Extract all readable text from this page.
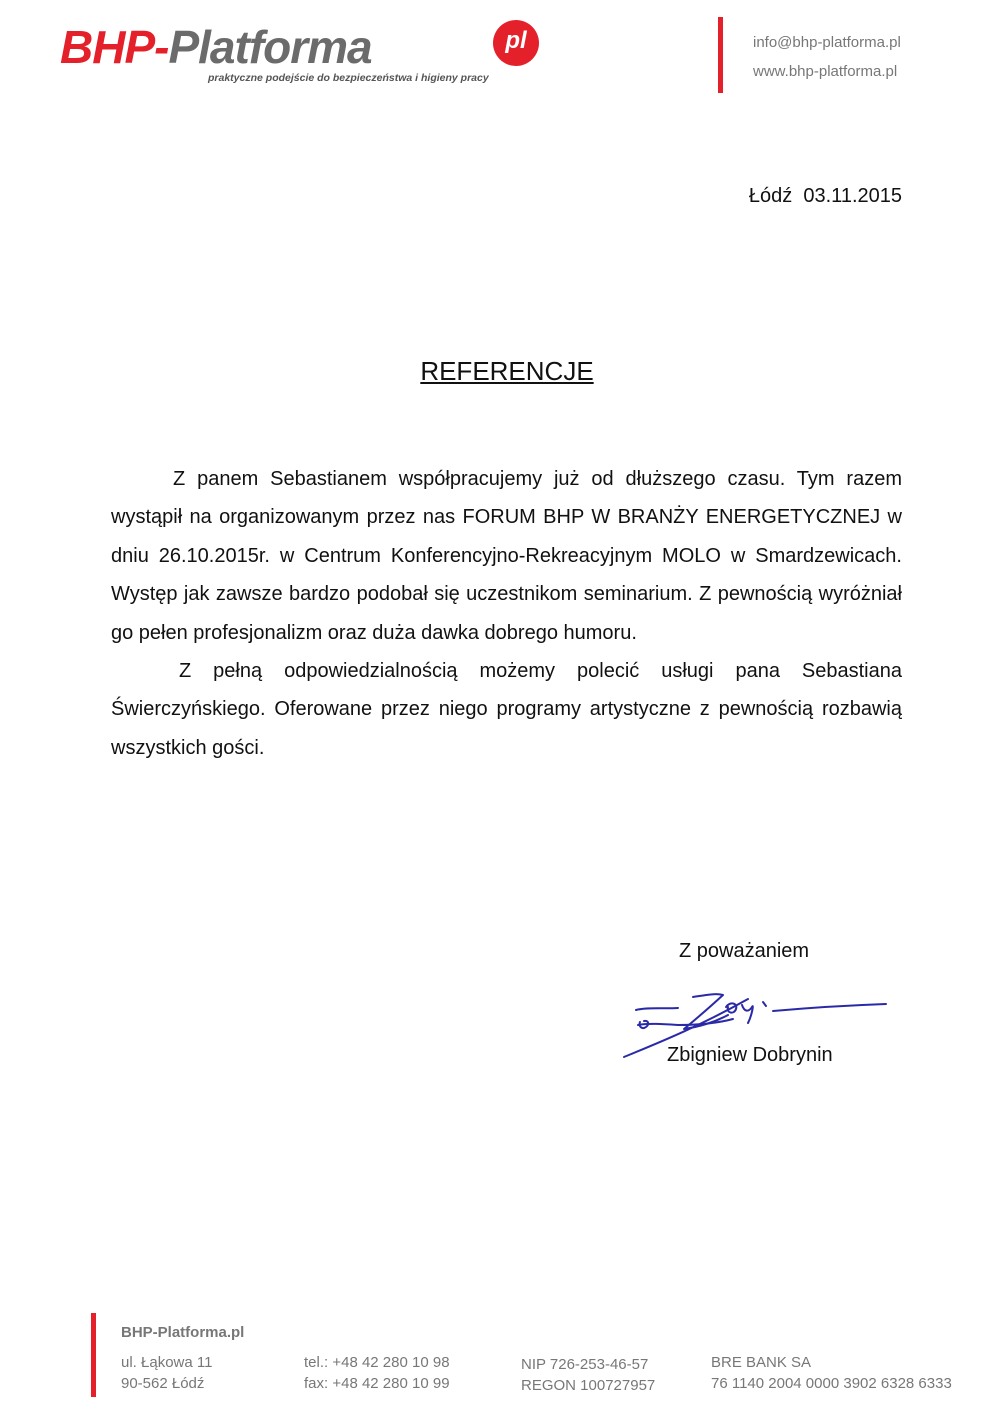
BHP-Platforma	pl
praktyczne podejście do bezpieczeństwa i higieny pracy
info@bhp-platforma.pl
www.bhp-platforma.pl
Łódź  03.11.2015
REFERENCJE

Z panem Sebastianem współpracujemy już od dłuższego czasu. Tym razem wystąpił na organizowanym przez nas FORUM BHP W BRANŻY ENERGETYCZNEJ w dniu 26.10.2015r. w Centrum Konferencyjno-Rekreacyjnym MOLO w Smardzewicach. Występ jak zawsze bardzo podobał się uczestnikom seminarium. Z pewnością wyróżniał go pełen profesjonalizm oraz duża dawka dobrego humoru.

Z pełną odpowiedzialnością możemy polecić usługi pana Sebastiana Świerczyńskiego. Oferowane przez niego programy artystyczne z pewnością rozbawią wszystkich gości.

Z poważaniem
Zbigniew Dobrynin
BHP-Platforma.pl
ul. Łąkowa 11
90-562 Łódź
tel.: +48 42 280 10 98
fax: +48 42 280 10 99
NIP 726-253-46-57
REGON 100727957
BRE BANK SA
76 1140 2004 0000 3902 6328 6333
